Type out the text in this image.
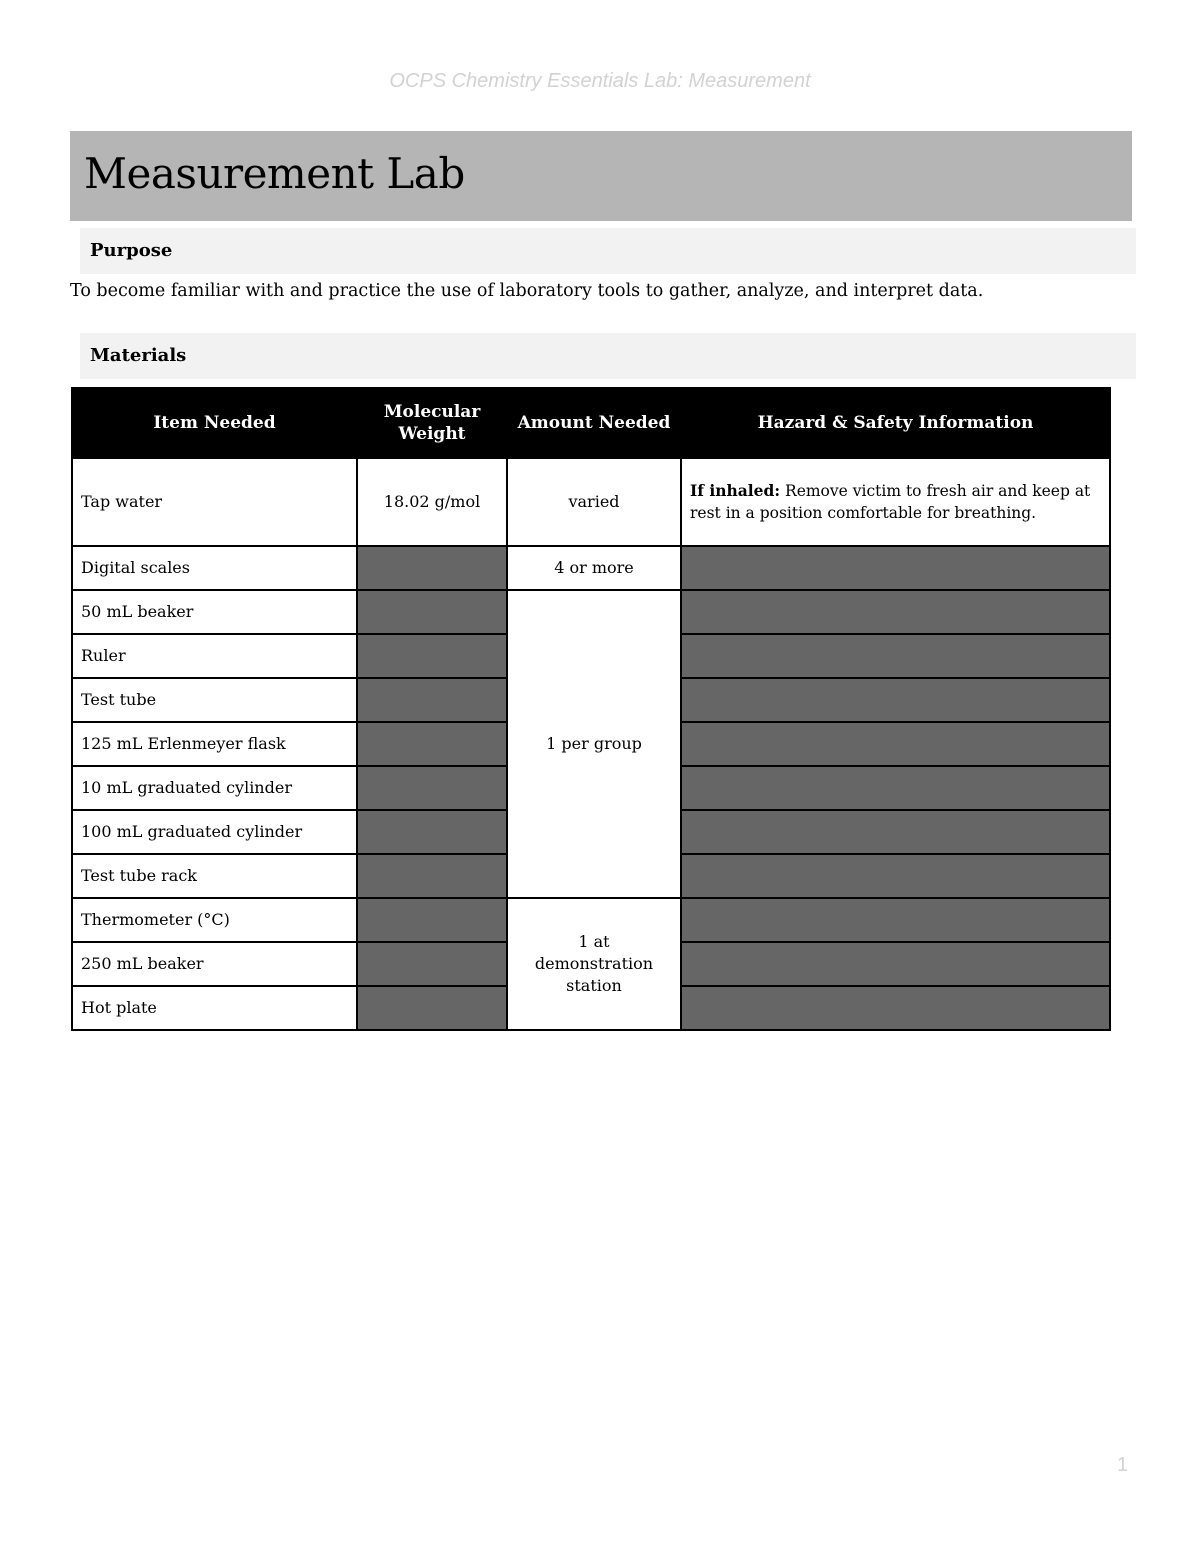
OCPS Chemistry Essentials Lab: Measurement
Measurement Lab
Purpose
To become familiar with and practice the use of laboratory tools to gather, analyze, and interpret data.
Materials
Item Needed	Molecular Weight	Amount Needed	Hazard & Safety Information
Tap water	18.02 g/mol	varied	If inhaled: Remove victim to fresh air and keep at rest in a position comfortable for breathing.
Digital scales		4 or more	
50 mL beaker		1 per group	
Ruler			
Test tube			
125 mL Erlenmeyer flask			
10 mL graduated cylinder			
100 mL graduated cylinder			
Test tube rack			
Thermometer (°C)		1 at demonstration station	
250 mL beaker			
Hot plate			
1
